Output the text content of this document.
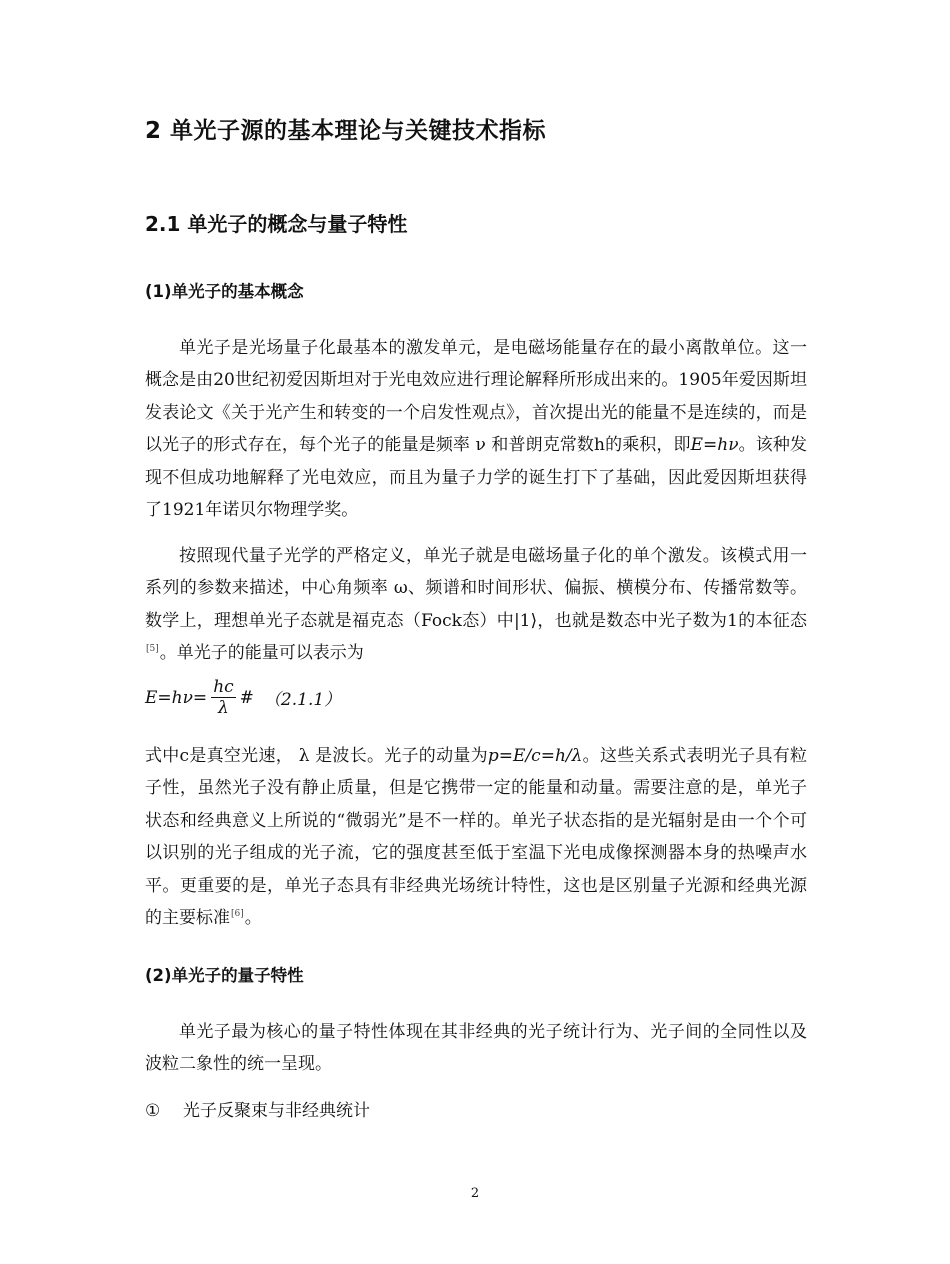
2 单光子源的基本理论与关键技术指标
2.1 单光子的概念与量子特性
(1)单光子的基本概念

单光子是光场量子化最基本的激发单元，是电磁场能量存在的最小离散单位。这一概念是由20世纪初爱因斯坦对于光电效应进行理论解释所形成出来的。1905年爱因斯坦发表论文《关于光产生和转变的一个启发性观点》，首次提出光的能量不是连续的，而是以光子的形式存在，每个光子的能量是频率 ν 和普朗克常数h的乘积，即E=hν。该种发现不但成功地解释了光电效应，而且为量子力学的诞生打下了基础，因此爱因斯坦获得了1921年诺贝尔物理学奖。

按照现代量子光学的严格定义，单光子就是电磁场量子化的单个激发。该模式用一系列的参数来描述，中心角频率 ω、频谱和时间形状、偏振、横模分布、传播常数等。数学上，理想单光子态就是福克态（Fock态）中|1⟩，也就是数态中光子数为1的本征态[5]。单光子的能量可以表示为

$E=h\nu= \frac{hc}{\lambda}$ # （2.1.1）

式中c是真空光速， λ 是波长。光子的动量为p=E/c=h/λ。这些关系式表明光子具有粒子性，虽然光子没有静止质量，但是它携带一定的能量和动量。需要注意的是，单光子状态和经典意义上所说的“微弱光”是不一样的。单光子状态指的是光辐射是由一个个可以识别的光子组成的光子流，它的强度甚至低于室温下光电成像探测器本身的热噪声水平。更重要的是，单光子态具有非经典光场统计特性，这也是区别量子光源和经典光源的主要标准[6]。

(2)单光子的量子特性

单光子最为核心的量子特性体现在其非经典的光子统计行为、光子间的全同性以及波粒二象性的统一呈现。

① 光子反聚束与非经典统计
2
